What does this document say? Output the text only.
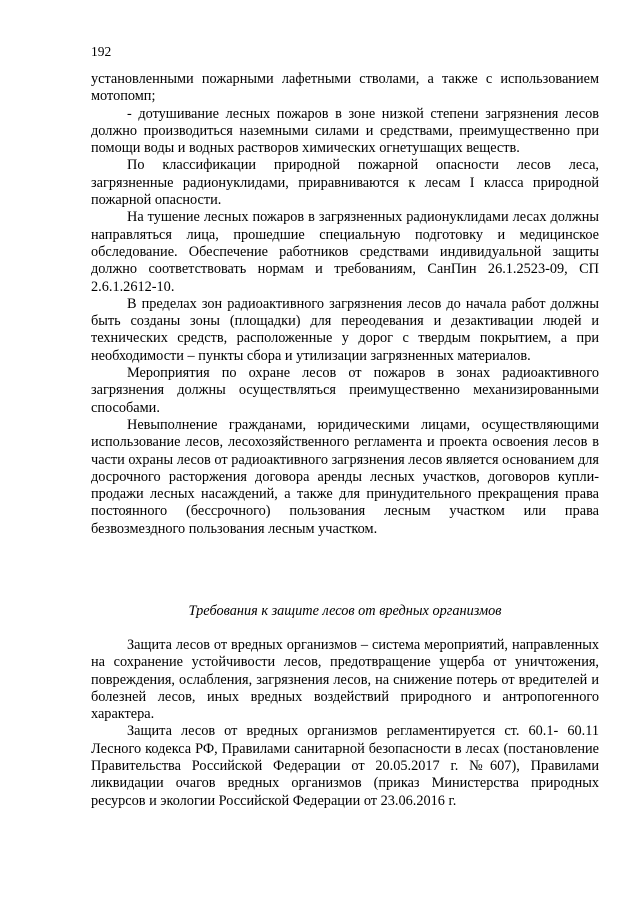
192

установленными пожарными лафетными стволами, а также с использованием мотопомп;

- дотушивание лесных пожаров в зоне низкой степени загрязнения лесов должно производиться наземными силами и средствами, преимущественно при помощи воды и водных растворов химических огнетушащих веществ.

По классификации природной пожарной опасности лесов леса, загрязненные радионуклидами, приравниваются к лесам I класса природной пожарной опасности.

На тушение лесных пожаров в загрязненных радионуклидами лесах должны направляться лица, прошедшие специальную подготовку и медицинское обследование. Обеспечение работников средствами индивидуальной защиты должно соответствовать нормам и требованиям, СанПин 26.1.2523-09, СП 2.6.1.2612-10.

В пределах зон радиоактивного загрязнения лесов до начала работ должны быть созданы зоны (площадки) для переодевания и дезактивации людей и технических средств, расположенные у дорог с твердым покрытием, а при необходимости – пункты сбора и утилизации загрязненных материалов.

Мероприятия по охране лесов от пожаров в зонах радиоактивного загрязнения должны осуществляться преимущественно механизированными способами.

Невыполнение гражданами, юридическими лицами, осуществляющими использование лесов, лесохозяйственного регламента и проекта освоения лесов в части охраны лесов от радиоактивного загрязнения лесов является основанием для досрочного расторжения договора аренды лесных участков, договоров купли-продажи лесных насаждений, а также для принудительного прекращения права постоянного (бессрочного) пользования лесным участком или права безвозмездного пользования лесным участком.

Требования к защите лесов от вредных организмов

Защита лесов от вредных организмов – система мероприятий, направленных на сохранение устойчивости лесов, предотвращение ущерба от уничтожения, повреждения, ослабления, загрязнения лесов, на снижение потерь от вредителей и болезней лесов, иных вредных воздействий природного и антропогенного характера.

Защита лесов от вредных организмов регламентируется ст. 60.1- 60.11 Лесного кодекса РФ, Правилами санитарной безопасности в лесах (постановление Правительства Российской Федерации от 20.05.2017 г. №607), Правилами ликвидации очагов вредных организмов (приказ Министерства природных ресурсов и экологии Российской Федерации от 23.06.2016 г.
